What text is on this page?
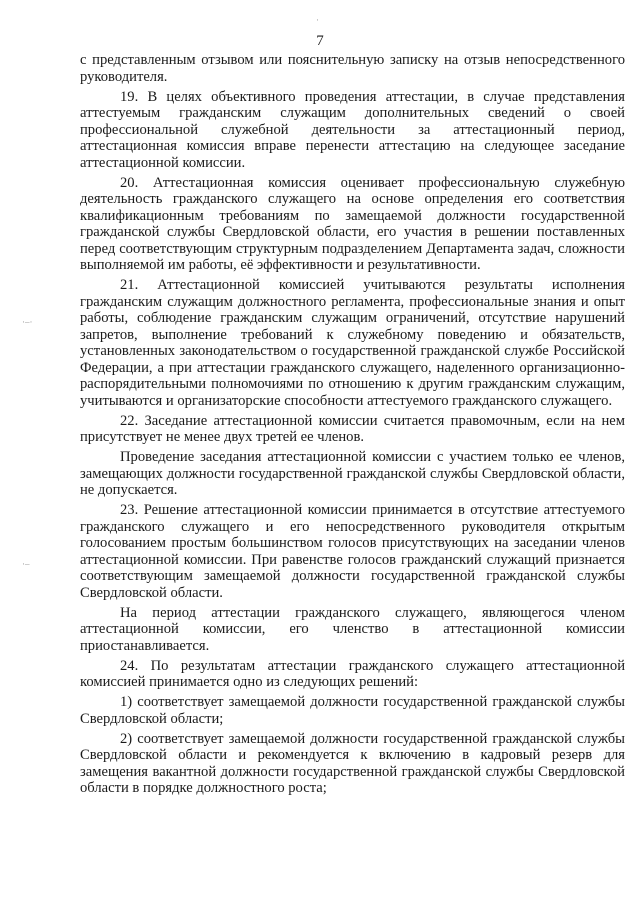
·
·–·
·–
7

с представленным отзывом или пояснительную записку на отзыв непосредственного руководителя.

19. В целях объективного проведения аттестации, в случае представления аттестуемым гражданским служащим дополнительных сведений о своей профессиональной служебной деятельности за аттестационный период, аттестационная комиссия вправе перенести аттестацию на следующее заседание аттестационной комиссии.

20. Аттестационная комиссия оценивает профессиональную служебную деятельность гражданского служащего на основе определения его соответствия квалификационным требованиям по замещаемой должности государственной гражданской службы Свердловской области, его участия в решении поставленных перед соответствующим структурным подразделением Департамента задач, сложности выполняемой им работы, её эффективности и результативности.

21. Аттестационной комиссией учитываются результаты исполнения гражданским служащим должностного регламента, профессиональные знания и опыт работы, соблюдение гражданским служащим ограничений, отсутствие нарушений запретов, выполнение требований к служебному поведению и обязательств, установленных законодательством о государственной гражданской службе Российской Федерации, а при аттестации гражданского служащего, наделенного организационно-распорядительными полномочиями по отношению к другим гражданским служащим, учитываются и организаторские способности аттестуемого гражданского служащего.

22. Заседание аттестационной комиссии считается правомочным, если на нем присутствует не менее двух третей ее членов.

Проведение заседания аттестационной комиссии с участием только ее членов, замещающих должности государственной гражданской службы Свердловской области, не допускается.

23. Решение аттестационной комиссии принимается в отсутствие аттестуемого гражданского служащего и его непосредственного руководителя открытым голосованием простым большинством голосов присутствующих на заседании членов аттестационной комиссии. При равенстве голосов гражданский служащий признается соответствующим замещаемой должности государственной гражданской службы Свердловской области.

На период аттестации гражданского служащего, являющегося членом аттестационной комиссии, его членство в аттестационной комиссии приостанавливается.

24. По результатам аттестации гражданского служащего аттестационной комиссией принимается одно из следующих решений:

1) соответствует замещаемой должности государственной гражданской службы Свердловской области;

2) соответствует замещаемой должности государственной гражданской службы Свердловской области и рекомендуется к включению в кадровый резерв для замещения вакантной должности государственной гражданской службы Свердловской области в порядке должностного роста;
